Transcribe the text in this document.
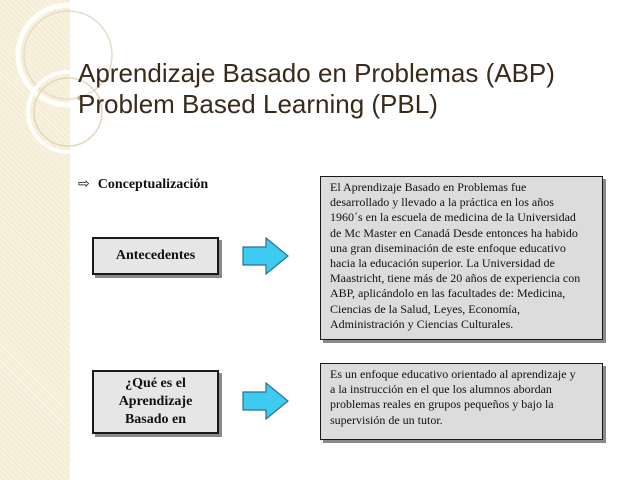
Aprendizaje Basado en Problemas (ABP)
Problem Based Learning (PBL)
⇨ Conceptualización
Antecedentes
El Aprendizaje Basado en Problemas fue
desarrollado y llevado a la práctica en los años
1960´s en la escuela de medicina de la Universidad
de Mc Master en Canadá Desde entonces ha habido
una gran diseminación de este enfoque educativo
hacia la educación superior. La Universidad de
Maastricht, tiene más de 20 años de experiencia con
ABP, aplicándolo en las facultades de: Medicina,
Ciencias de la Salud, Leyes, Economía,
Administración y Ciencias Culturales.
¿Qué es el
Aprendizaje
Basado en
Es un enfoque educativo orientado al aprendizaje y
a la instrucción en el que los alumnos abordan
problemas reales en grupos pequeños y bajo la
supervisión de un tutor.
